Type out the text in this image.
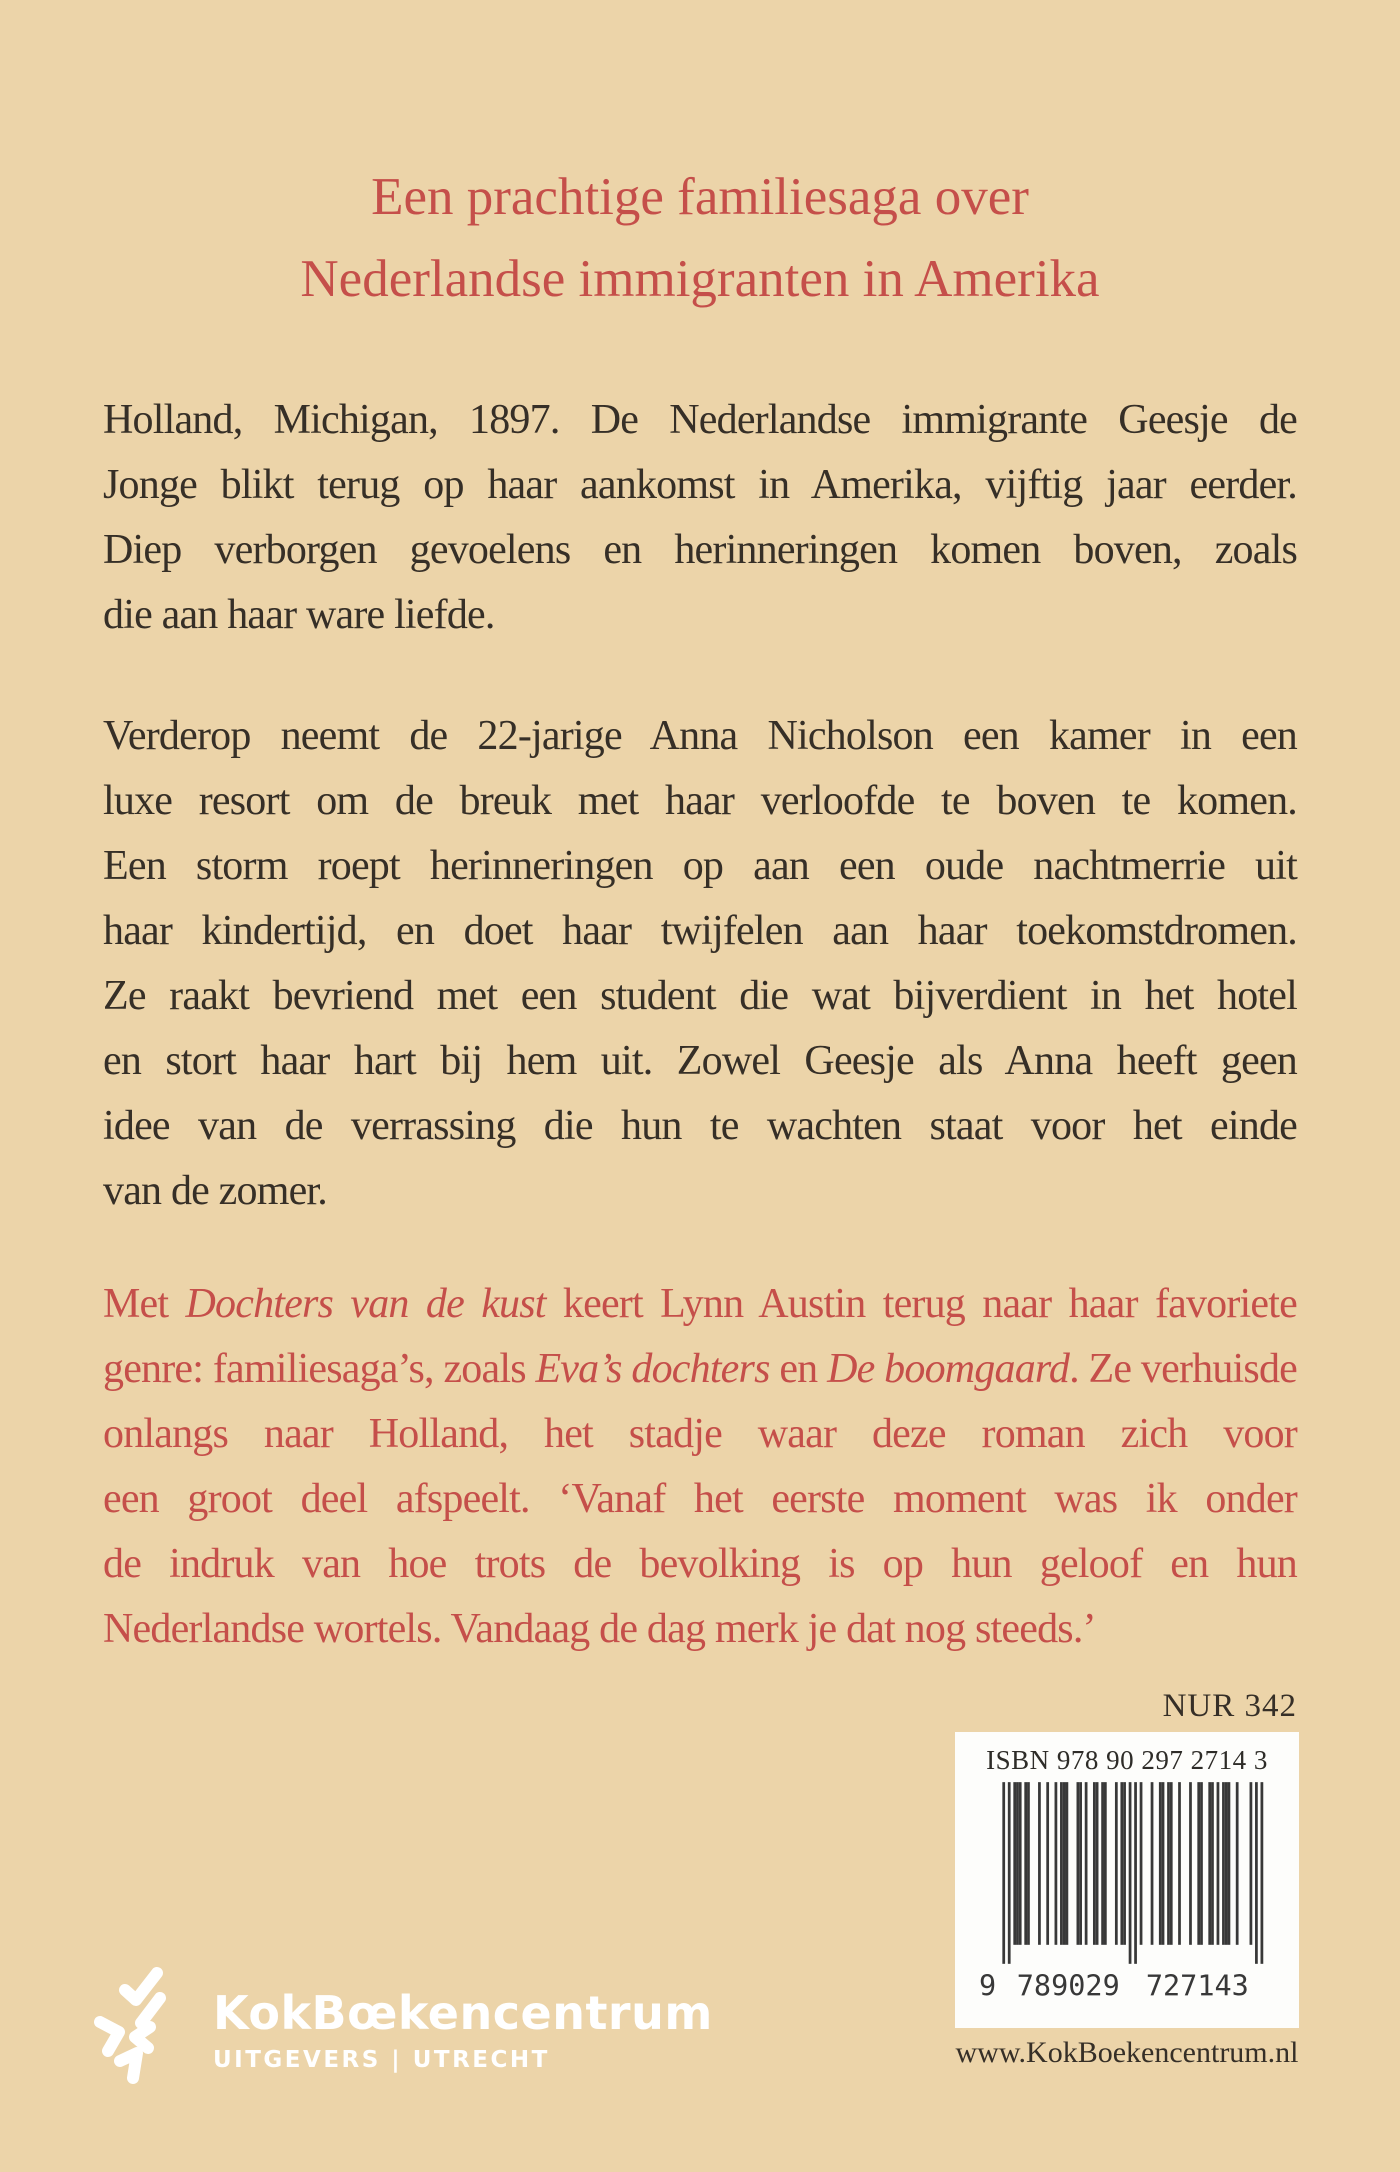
Een prachtige familiesaga over
Nederlandse immigranten in Amerika
Holland, Michigan, 1897. De Nederlandse immigrante Geesje de
Jonge blikt terug op haar aankomst in Amerika, vijftig jaar eerder.
Diep verborgen gevoelens en herinneringen komen boven, zoals
die aan haar ware liefde.
Verderop neemt de 22-jarige Anna Nicholson een kamer in een
luxe resort om de breuk met haar verloofde te boven te komen.
Een storm roept herinneringen op aan een oude nachtmerrie uit
haar kindertijd, en doet haar twijfelen aan haar toekomstdromen.
Ze raakt bevriend met een student die wat bijverdient in het hotel
en stort haar hart bij hem uit. Zowel Geesje als Anna heeft geen
idee van de verrassing die hun te wachten staat voor het einde
van de zomer.
Met Dochters van de kust keert Lynn Austin terug naar haar favoriete
genre: familiesaga’s, zoals Eva’s dochters en De boomgaard. Ze verhuisde
onlangs naar Holland, het stadje waar deze roman zich voor
een groot deel afspeelt. ‘Vanaf het eerste moment was ik onder
de indruk van hoe trots de bevolking is op hun geloof en hun
Nederlandse wortels. Vandaag de dag merk je dat nog steeds.’
NUR 342
ISBN 978 90 297 2714 3
9 789029 727143
www.KokBoekencentrum.nl
KokBœkencentrum
UITGEVERS | UTRECHT
